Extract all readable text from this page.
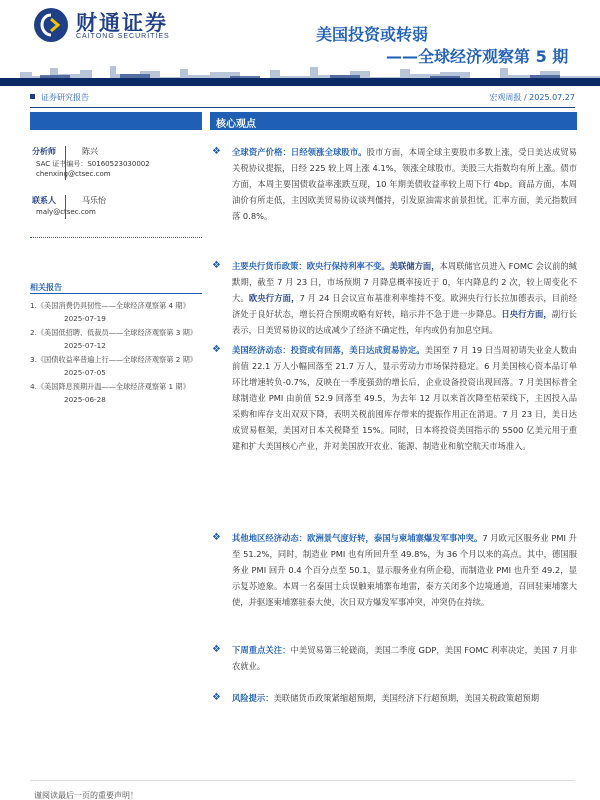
财通证券
CAITONG SECURITIES	美国投资或转弱
——全球经济观察第 5 期
证券研究报告	宏观周报 / 2025.07.27
分析师	陈兴
SAC 证书编号：S0160523030002
chenxing@ctsec.com
联系人	马乐怡
maly@ctsec.com
相关报告
1.《美国消费仍具韧性——全球经济观察第 4 期》
2025-07-19
2.《美国低招聘、低裁员——全球经济观察第 3 期》
2025-07-12
3.《国债收益率普遍上行——全球经济观察第 2 期》
2025-07-05
4.《美国降息预期升温——全球经济观察第 1 期》
2025-06-28
核心观点
❖ 全球资产价格：日经领涨全球股市。股市方面，本周全球主要股市多数上涨，受日美达成贸易关税协议提振，日经 225 较上周上涨 4.1%，领涨全球股市。美股三大指数均有所上涨。债市方面，本周主要国债收益率涨跌互现，10 年期美债收益率较上周下行 4bp。商品方面，本周油价有所走低，主因欧美贸易协议谈判僵持，引发原油需求前景担忧。汇率方面，美元指数回落 0.8%。
❖ 主要央行货币政策：欧央行保持利率不变。美联储方面，本周联储官员进入 FOMC 会议前的缄默期，截至 7 月 23 日，市场预期 7 月降息概率接近于 0，年内降息约 2 次，较上周变化不大。欧央行方面，7 月 24 日会议宣布基准利率维持不变。欧洲央行行长拉加德表示，目前经济处于良好状态，增长符合预期或略有好转，暗示并不急于进一步降息。日央行方面，副行长表示，日美贸易协议的达成减少了经济不确定性，年内或仍有加息空间。
❖ 美国经济动态：投资或有回落，美日达成贸易协定。美国至 7 月 19 日当周初请失业金人数由前值 22.1 万人小幅回落至 21.7 万人，显示劳动力市场保持稳定。6 月美国核心资本品订单环比增速转负-0.7%，反映在一季度强劲的增长后，企业设备投资出现回落。7 月美国标普全球制造业 PMI 由前值 52.9 回落至 49.5，为去年 12 月以来首次降至枯荣线下，主因投入品采购和库存支出双双下降，表明关税前囤库存带来的提振作用正在消退。7 月 23 日，美日达成贸易框架，美国对日本关税降至 15%。同时，日本将投资美国指示的 5500 亿美元用于重建和扩大美国核心产业，并对美国放开农业、能源、制造业和航空航天市场准入。
❖ 其他地区经济动态：欧洲景气度好转，泰国与柬埔寨爆发军事冲突。7 月欧元区服务业 PMI 升至 51.2%，同时，制造业 PMI 也有所回升至 49.8%，为 36 个月以来的高点。其中，德国服务业 PMI 回升 0.4 个百分点至 50.1，显示服务业有所企稳，而制造业 PMI 也升至 49.2，显示复苏迹象。本周一名泰国士兵误触柬埔寨布地雷，泰方关闭多个边境通道，召回驻柬埔寨大使，并驱逐柬埔寨驻泰大使，次日双方爆发军事冲突，冲突仍在持续。
❖ 下周重点关注：中美贸易第三轮磋商，美国二季度 GDP，美国 FOMC 利率决定，美国 7 月非农就业。
❖ 风险提示：美联储货币政策紧缩超预期，美国经济下行超预期，美国关税政策超预期
谨阅读最后一页的重要声明！
